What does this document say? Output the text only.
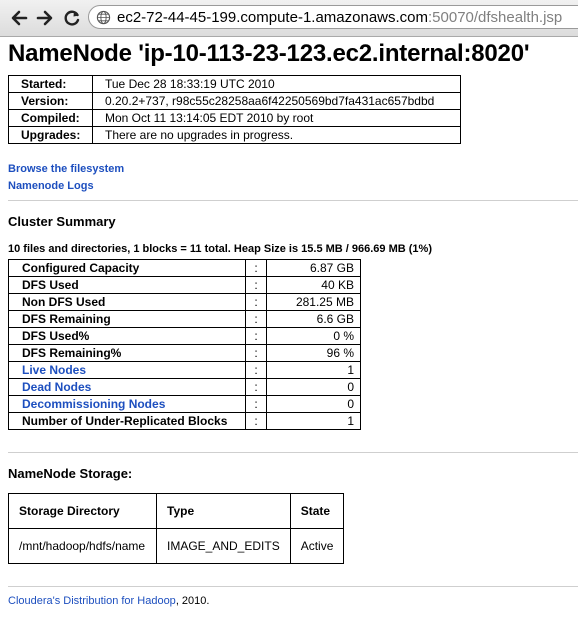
ec2-72-44-45-199.compute-1.amazonaws.com:50070/dfshealth.jsp
NameNode 'ip-10-113-23-123.ec2.internal:8020'
Started:	Tue Dec 28 18:33:19 UTC 2010
Version:	0.20.2+737, r98c55c28258aa6f42250569bd7fa431ac657bdbd
Compiled:	Mon Oct 11 13:14:05 EDT 2010 by root
Upgrades:	There are no upgrades in progress.
Browse the filesystem
Namenode Logs
Cluster Summary
10 files and directories, 1 blocks = 11 total. Heap Size is 15.5 MB / 966.69 MB (1%)
Configured Capacity	:	6.87 GB
DFS Used	:	40 KB
Non DFS Used	:	281.25 MB
DFS Remaining	:	6.6 GB
DFS Used%	:	0 %
DFS Remaining%	:	96 %
Live Nodes	:	1
Dead Nodes	:	0
Decommissioning Nodes	:	0
Number of Under-Replicated Blocks	:	1
NameNode Storage:
Storage Directory	Type	State
/mnt/hadoop/hdfs/name	IMAGE_AND_EDITS	Active
Cloudera's Distribution for Hadoop, 2010.
